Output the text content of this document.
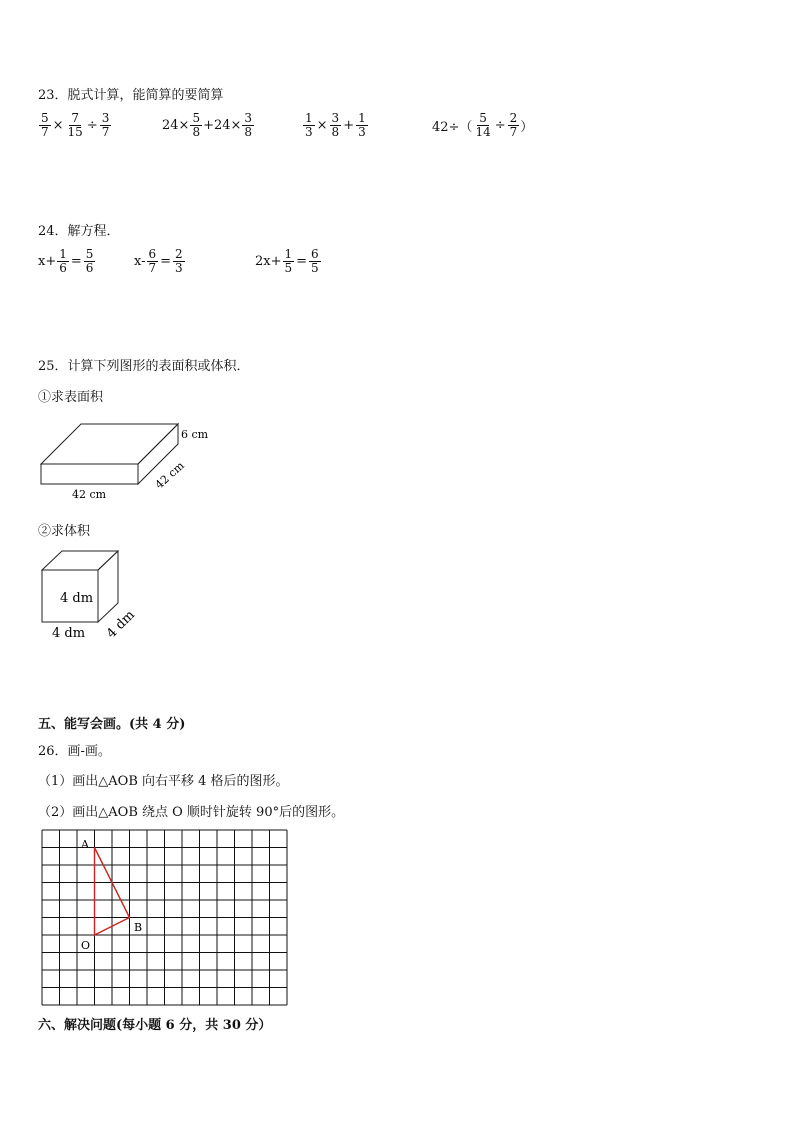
23．脱式计算，能简算的要简算
$\frac{5}{7} \times \frac{7}{15} \div \frac{3}{7}$	$24\times \frac{5}{8} +24\times \frac{3}{8}$	$\frac{1}{3} \times \frac{3}{8} + \frac{1}{3}$	$42\div( \frac{5}{14} \div \frac{2}{7}$ ）
24．解方程．
$x+ \frac{1}{6} = \frac{5}{6}$	$x- \frac{6}{7} = \frac{2}{3}$	$2x+ \frac{1}{5} = \frac{6}{5}$
25．计算下列图形的表面积或体积．
①求表面积
6 cm
42 cm
42 cm
②求体积
4 dm
4 dm 4 dm
五、能写会画。(共 4 分)
26．画-画。
（1）画出△AOB 向右平移 4 格后的图形。
（2）画出△AOB 绕点 O 顺时针旋转 90°后的图形。
A
B
O
六、解决问题(每小题 6 分，共 30 分）
